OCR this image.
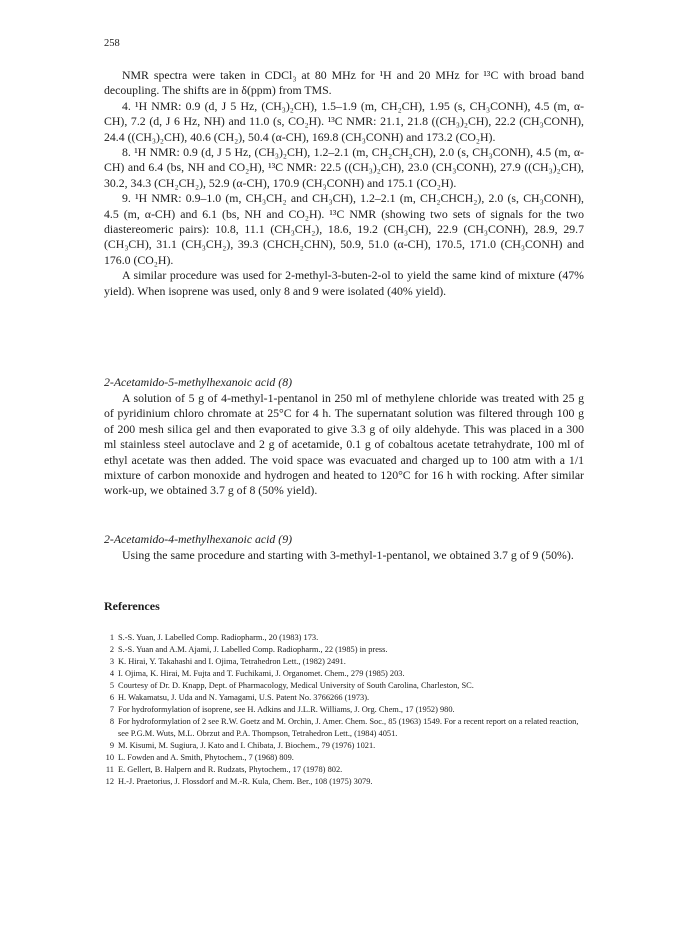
258

NMR spectra were taken in CDCl₃ at 80 MHz for ¹H and 20 MHz for ¹³C with broad band decoupling. The shifts are in δ(ppm) from TMS.

4. ¹H NMR: 0.9 (d, J 5 Hz, (CH₃)₂CH), 1.5–1.9 (m, CH₂CH), 1.95 (s, CH₃CONH), 4.5 (m, α-CH), 7.2 (d, J 6 Hz, NH) and 11.0 (s, CO₂H). ¹³C NMR: 21.1, 21.8 ((CH₃)₂CH), 22.2 (CH₃CONH), 24.4 ((CH₃)₂CH), 40.6 (CH₂), 50.4 (α-CH), 169.8 (CH₃CONH) and 173.2 (CO₂H).

8. ¹H NMR: 0.9 (d, J 5 Hz, (CH₃)₂CH), 1.2–2.1 (m, CH₂CH₂CH), 2.0 (s, CH₃CONH), 4.5 (m, α-CH) and 6.4 (bs, NH and CO₂H), ¹³C NMR: 22.5 ((CH₃)₂CH), 23.0 (CH₃CONH), 27.9 ((CH₃)₂CH), 30.2, 34.3 (CH₂CH₂), 52.9 (α-CH), 170.9 (CH₃CONH) and 175.1 (CO₂H).

9. ¹H NMR: 0.9–1.0 (m, CH₃CH₂ and CH₃CH), 1.2–2.1 (m, CH₂CHCH₂), 2.0 (s, CH₃CONH), 4.5 (m, α-CH) and 6.1 (bs, NH and CO₂H). ¹³C NMR (showing two sets of signals for the two diastereomeric pairs): 10.8, 11.1 (CH₃CH₂), 18.6, 19.2 (CH₃CH), 22.9 (CH₃CONH), 28.9, 29.7 (CH₃CH), 31.1 (CH₃CH₂), 39.3 (CHCH₂CHN), 50.9, 51.0 (α-CH), 170.5, 171.0 (CH₃CONH) and 176.0 (CO₂H).

A similar procedure was used for 2-methyl-3-buten-2-ol to yield the same kind of mixture (47% yield). When isoprene was used, only 8 and 9 were isolated (40% yield).

2-Acetamido-5-methylhexanoic acid (8)

A solution of 5 g of 4-methyl-1-pentanol in 250 ml of methylene chloride was treated with 25 g of pyridinium chloro chromate at 25°C for 4 h. The supernatant solution was filtered through 100 g of 200 mesh silica gel and then evaporated to give 3.3 g of oily aldehyde. This was placed in a 300 ml stainless steel autoclave and 2 g of acetamide, 0.1 g of cobaltous acetate tetrahydrate, 100 ml of ethyl acetate was then added. The void space was evacuated and charged up to 100 atm with a 1/1 mixture of carbon monoxide and hydrogen and heated to 120°C for 16 h with rocking. After similar work-up, we obtained 3.7 g of 8 (50% yield).

2-Acetamido-4-methylhexanoic acid (9)

Using the same procedure and starting with 3-methyl-1-pentanol, we obtained 3.7 g of 9 (50%).

References
1 S.-S. Yuan, J. Labelled Comp. Radiopharm., 20 (1983) 173.
2 S.-S. Yuan and A.M. Ajami, J. Labelled Comp. Radiopharm., 22 (1985) in press.
3 K. Hirai, Y. Takahashi and I. Ojima, Tetrahedron Lett., (1982) 2491.
4 I. Ojima, K. Hirai, M. Fujta and T. Fuchikami, J. Organomet. Chem., 279 (1985) 203.
5 Courtesy of Dr. D. Knapp, Dept. of Pharmacology, Medical University of South Carolina, Charleston, SC.
6 H. Wakamatsu, J. Uda and N. Yamagami, U.S. Patent No. 3766266 (1973).
7 For hydroformylation of isoprene, see H. Adkins and J.L.R. Williams, J. Org. Chem., 17 (1952) 980.
8 For hydroformylation of 2 see R.W. Goetz and M. Orchin, J. Amer. Chem. Soc., 85 (1963) 1549. For a recent report on a related reaction, see P.G.M. Wuts, M.L. Obrzut and P.A. Thompson, Tetrahedron Lett., (1984) 4051.
9 M. Kisumi, M. Sugiura, J. Kato and I. Chibata, J. Biochem., 79 (1976) 1021.
10 L. Fowden and A. Smith, Phytochem., 7 (1968) 809.
11 E. Gellert, B. Halpern and R. Rudzats, Phytochem., 17 (1978) 802.
12 H.-J. Praetorius, J. Flossdorf and M.-R. Kula, Chem. Ber., 108 (1975) 3079.
